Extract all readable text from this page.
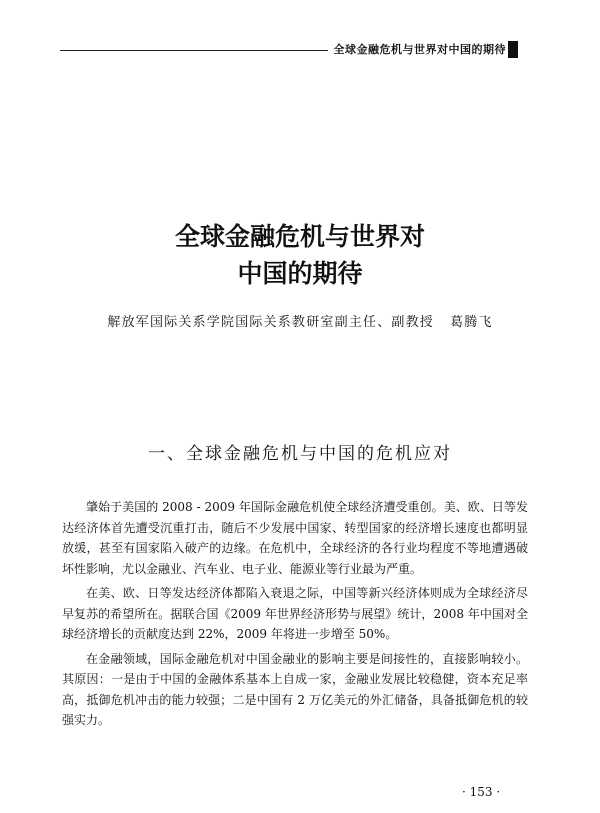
全球金融危机与世界对中国的期待
全球金融危机与世界对
中国的期待
解放军国际关系学院国际关系教研室副主任、副教授   葛腾飞
一、全球金融危机与中国的危机应对

肇始于美国的 2008 - 2009 年国际金融危机使全球经济遭受重创。美、欧、日等发达经济体首先遭受沉重打击，随后不少发展中国家、转型国家的经济增长速度也都明显放缓，甚至有国家陷入破产的边缘。在危机中，全球经济的各行业均程度不等地遭遇破坏性影响，尤以金融业、汽车业、电子业、能源业等行业最为严重。

在美、欧、日等发达经济体都陷入衰退之际，中国等新兴经济体则成为全球经济尽早复苏的希望所在。据联合国《2009 年世界经济形势与展望》统计，2008 年中国对全球经济增长的贡献度达到 22%，2009 年将进一步增至 50%。

在金融领域，国际金融危机对中国金融业的影响主要是间接性的，直接影响较小。其原因：一是由于中国的金融体系基本上自成一家，金融业发展比较稳健，资本充足率高，抵御危机冲击的能力较强；二是中国有 2 万亿美元的外汇储备，具备抵御危机的较强实力。

· 153 ·
